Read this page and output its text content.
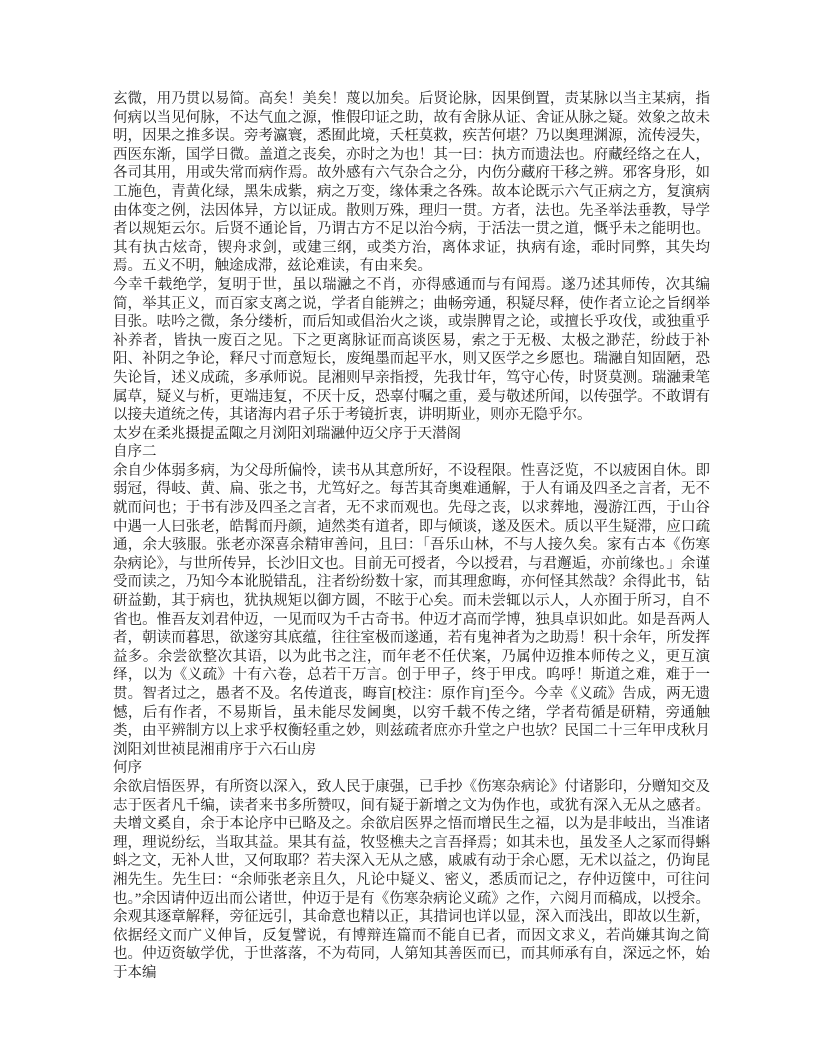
玄微，用乃贯以易简。高矣！美矣！蔑以加矣。后贤论脉，因果倒置，责某脉以当主某病，指何病以当见何脉，不达气血之源，惟假印证之助，故有舍脉从证、舍证从脉之疑。效象之故未明，因果之推多误。旁考瀛寰，悉囿此境，夭枉莫救，疾苦何堪？乃以奥理渊源，流传浸失，西医东渐，国学日微。盖道之丧矣，亦时之为也！其一曰：执方而遗法也。府藏经络之在人，各司其用，用或失常而病作焉。故外感有六气杂合之分，内伤分藏府干移之辨。邪客身形，如工施色，青黄化绿，黑朱成紫，病之万变，缘体秉之各殊。故本论既示六气正病之方，复演病由体变之例，法因体异，方以证成。散则万殊，理归一贯。方者，法也。先圣举法垂教，导学者以规矩云尔。后贤不通论旨，乃谓古方不足以治今病，于活法一贯之道，慨乎未之能明也。其有执古炫奇，锲舟求剑，或建三纲，或类方治，离体求证，执病有途，乖时同弊，其失均焉。五义不明，触途成滞，兹论难读，有由来矣。

今幸千载绝学，复明于世，虽以瑞瀜之不肖，亦得感通而与有闻焉。遂乃述其师传，次其编简，举其正义，而百家支离之说，学者自能辨之；曲畅旁通，积疑尽释，使作者立论之旨纲举目张。呿吟之微，条分缕析，而后知或倡治火之谈，或崇脾胃之论，或擅长乎攻伐，或独重乎补养者，皆执一废百之见。下之更离脉证而高谈医易，索之于无极、太极之渺茫，纷歧于补阳、补阴之争论，释尺寸而意短长，废绳墨而起平水，则又医学之乡愿也。瑞瀜自知固陋，恐失论旨，述义成疏，多承师说。昆湘则早亲指授，先我廿年，笃守心传，时贤莫测。瑞瀜秉笔属草，疑义与析，更端违复，不厌十反，恐辜付嘱之重，爰与敬述所闻，以传强学。不敢谓有以接夫道统之传，其诸海内君子乐于考镜折衷，讲明斯业，则亦无隐乎尔。

太岁在柔兆摄提孟陬之月浏阳刘瑞瀜仲迈父序于天潜阁

自序二

余自少体弱多病，为父母所偏怜，读书从其意所好，不设程限。性喜泛览，不以疲困自休。即弱冠，得岐、黄、扁、张之书，尤笃好之。每苦其奇奥难通解，于人有诵及四圣之言者，无不就而问也；于书有涉及四圣之言者，无不求而观也。先母之丧，以求葬地，漫游江西，于山谷中遇一人曰张老，皓髯而丹颜，逌然类有道者，即与倾谈，遂及医术。质以平生疑滞，应口疏通，余大骇服。张老亦深喜余精审善问，且曰：「吾乐山林，不与人接久矣。家有古本《伤寒杂病论》，与世所传异，长沙旧文也。目前无可授者，今以授君，与君邂逅，亦前缘也。」余谨受而读之，乃知今本讹脱错乱，注者纷纷数十家，而其理愈晦，亦何怪其然哉？余得此书，钻研益勤，其于病也，犹执规矩以御方圆，不眩于心矣。而未尝辄以示人，人亦囿于所习，自不省也。惟吾友刘君仲迈，一见而叹为千古奇书。仲迈才高而学博，独具卓识如此。如是吾两人者，朝读而暮思，欲遂穷其底蕴，往往室极而遂通，若有鬼神者为之助焉！积十余年，所发挥益多。余尝欲整次其语，以为此书之注，而年老不任伏案，乃属仲迈推本师传之义，更互演绎，以为《义疏》十有六卷，总若干万言。创于甲子，终于甲戌。呜呼！斯道之难，难于一贯。智者过之，愚者不及。名传道丧，晦盲[校注：原作肓]至今。今幸《义疏》告成，两无遗憾，后有作者，不易斯旨，虽未能尽发阃奥，以穷千载不传之绪，学者苟循是研精，旁通触类，由平辨制方以上求乎权衡轻重之妙，则兹疏者庶亦升堂之户也欤？民国二十三年甲戌秋月浏阳刘世祯昆湘甫序于六石山房

何序

余欲启悟医界，有所资以深入，致人民于康强，已手抄《伤寒杂病论》付诸影印，分赠知交及志于医者凡千编，读者来书多所赞叹，间有疑于新增之文为伪作也，或犹有深入无从之感者。夫增文奚自，余于本论序中已略及之。余欲启医界之悟而增民生之福，以为是非岐出，当准诸理，理说纷纭，当取其益。果其有益，牧竖樵夫之言吾择焉；如其未也，虽发圣人之冢而得蝌蚪之文，无补人世，又何取耶？若夫深入无从之感，戚戚有动于余心愿，无术以益之，仍询昆湘先生。先生曰：“余师张老亲且久，凡论中疑义、密义，悉质而记之，存仲迈箧中，可往问也。”余因请仲迈出而公诸世，仲迈于是有《伤寒杂病论义疏》之作，六阅月而稿成，以授余。余观其逐章解释，旁征远引，其命意也精以正，其措词也详以显，深入而浅出，即故以生新，依据经文而广义伸旨，反复譬说，有博辩连篇而不能自已者，而因文求义，若尚嫌其询之简也。仲迈资敏学优，于世落落，不为苟同，人第知其善医而已，而其师承有自，深远之怀，始于本编
